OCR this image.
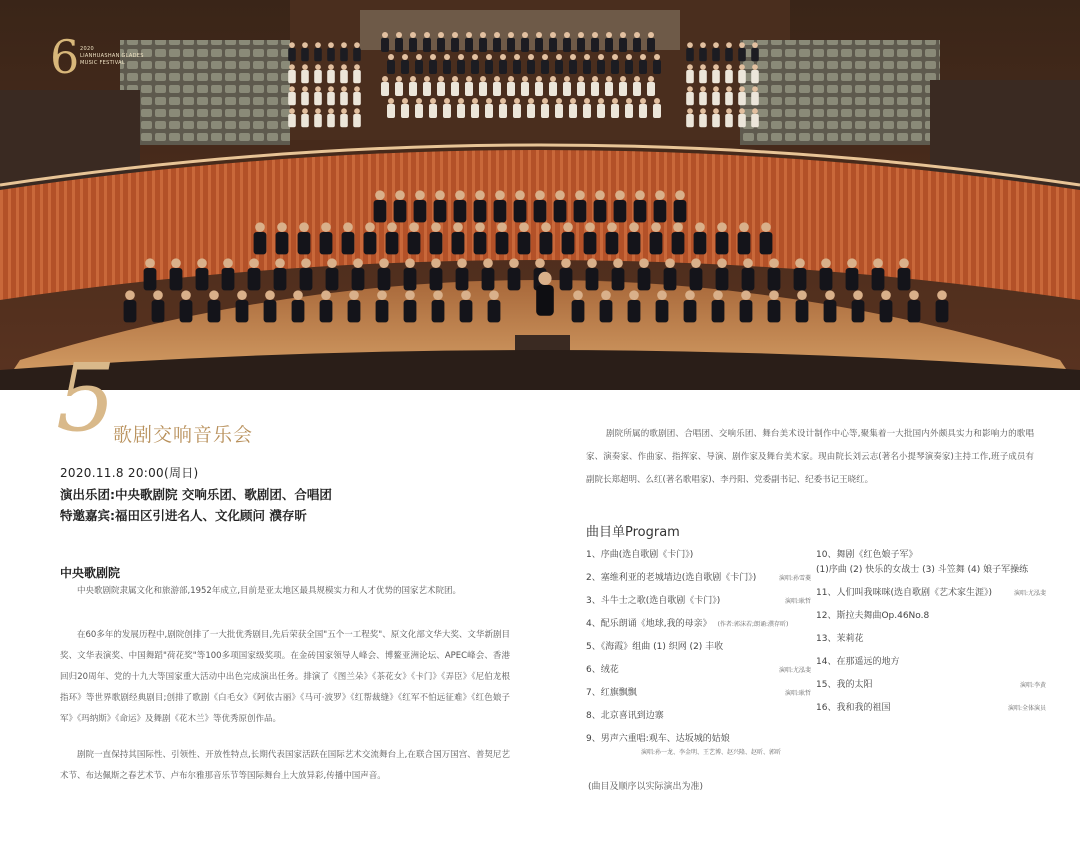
6 2020
LIANHUASHAN GLADES
MUSIC FESTIVAL
5
歌剧交响音乐会
2020.11.8 20:00(周日)
演出乐团:中央歌剧院 交响乐团、歌剧团、合唱团
特邀嘉宾:福田区引进名人、文化顾问 濮存昕
中央歌剧院

中央歌剧院隶属文化和旅游部,1952年成立,目前是亚太地区最具规模实力和人才优势的国家艺术院团。

在60多年的发展历程中,剧院创排了一大批优秀剧目,先后荣获全国"五个一工程奖"、原文化部文华大奖、文华新剧目奖、文华表演奖、中国舞蹈"荷花奖"等100多项国家级奖项。在金砖国家领导人峰会、博鳌亚洲论坛、APEC峰会、香港回归20周年、党的十九大等国家重大活动中出色完成演出任务。排演了《图兰朵》《茶花女》《卡门》《弄臣》《尼伯龙根指环》等世界歌剧经典剧目;创排了歌剧《白毛女》《阿依古丽》《马可·波罗》《红帮裁缝》《红军不怕远征难》《红色娘子军》《玛纳斯》《命运》及舞剧《花木兰》等优秀原创作品。

剧院一直保持其国际性、引领性、开放性特点,长期代表国家活跃在国际艺术交流舞台上,在联合国万国宫、普契尼艺术节、布达佩斯之春艺术节、卢布尔雅那音乐节等国际舞台上大放异彩,传播中国声音。

剧院所属的歌剧团、合唱团、交响乐团、舞台美术设计制作中心等,聚集着一大批国内外颇具实力和影响力的歌唱家、演奏家、作曲家、指挥家、导演、剧作家及舞台美术家。现由院长刘云志(著名小提琴演奏家)主持工作,班子成员有副院长郑超明、么红(著名歌唱家)、李丹阳、党委副书记、纪委书记王晓红。

曲目单Program
1、序曲(选自歌剧《卡门》)
2、塞维利亚的老城墙边(选自歌剧《卡门》)	演唱:孙雪菱
3、斗牛士之歌(选自歌剧《卡门》)	演唱:耿哲
4、配乐朗诵《地球,我的母亲》 (作者:郭沫若;朗诵:濮存昕)
5、《海霞》组曲 (1) 织网 (2) 丰收
6、绒花	演唱:尤泓斐
7、红旗飘飘	演唱:耿哲
8、北京喜讯到边寨
9、男声六重唱:观车、达坂城的姑娘
演唱:孙一龙、李金明、王艺博、赵兴隆、赵昕、郭昕
10、舞剧《红色娘子军》
(1)序曲 (2) 快乐的女战士 (3) 斗笠舞 (4) 娘子军操练
11、人们叫我咪咪(选自歌剧《艺术家生涯》)	演唱:尤泓斐
12、斯拉夫舞曲Op.46No.8
13、茉莉花
14、在那遥远的地方
15、我的太阳	演唱:李黄
16、我和我的祖国	演唱:全体演员
(曲目及顺序以实际演出为准)
